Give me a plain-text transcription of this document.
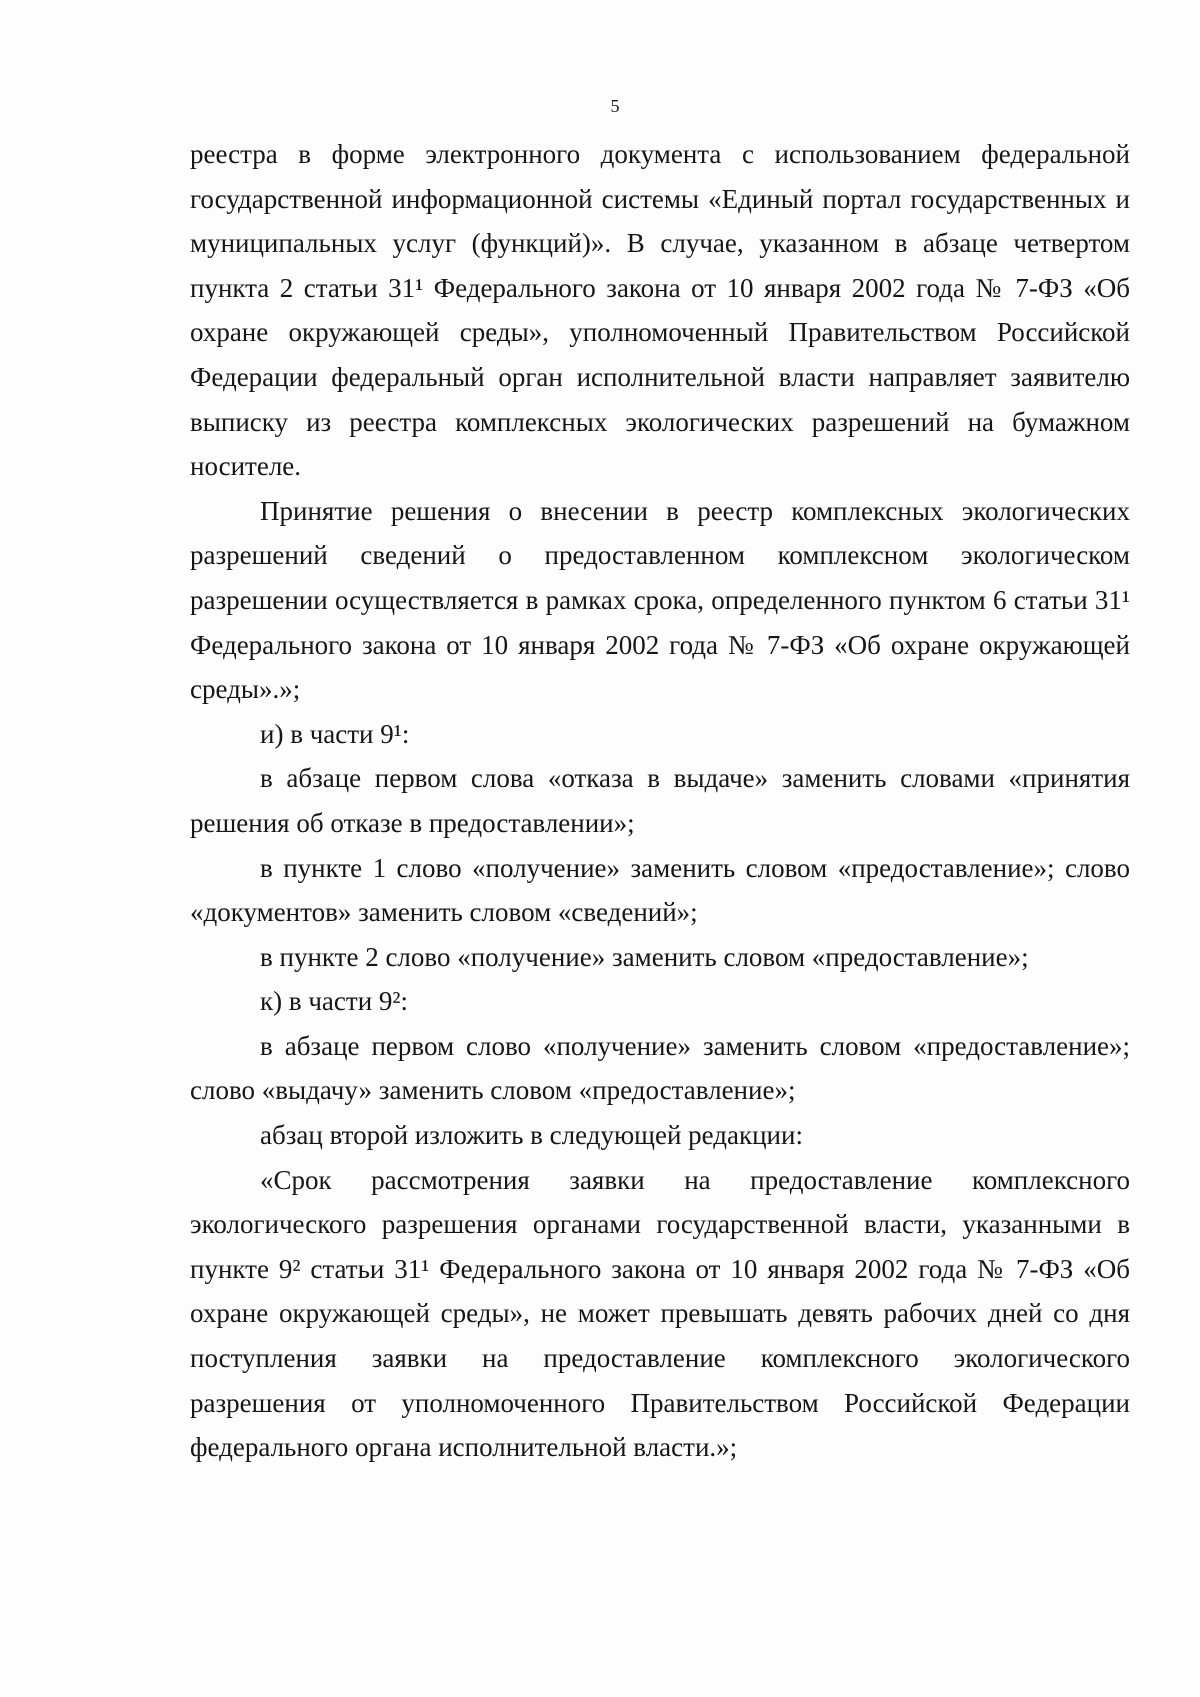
5

реестра в форме электронного документа с использованием федеральной государственной информационной системы «Единый портал государственных и муниципальных услуг (функций)». В случае, указанном в абзаце четвертом пункта 2 статьи 31¹ Федерального закона от 10 января 2002 года № 7-ФЗ «Об охране окружающей среды», уполномоченный Правительством Российской Федерации федеральный орган исполнительной власти направляет заявителю выписку из реестра комплексных экологических разрешений на бумажном носителе.

Принятие решения о внесении в реестр комплексных экологических разрешений сведений о предоставленном комплексном экологическом разрешении осуществляется в рамках срока, определенного пунктом 6 статьи 31¹ Федерального закона от 10 января 2002 года № 7-ФЗ «Об охране окружающей среды».»;

и) в части 9¹:

в абзаце первом слова «отказа в выдаче» заменить словами «принятия решения об отказе в предоставлении»;

в пункте 1 слово «получение» заменить словом «предоставление»; слово «документов» заменить словом «сведений»;

в пункте 2 слово «получение» заменить словом «предоставление»;

к) в части 9²:

в абзаце первом слово «получение» заменить словом «предоставление»; слово «выдачу» заменить словом «предоставление»;

абзац второй изложить в следующей редакции:

«Срок рассмотрения заявки на предоставление комплексного экологического разрешения органами государственной власти, указанными в пункте 9² статьи 31¹ Федерального закона от 10 января 2002 года № 7-ФЗ «Об охране окружающей среды», не может превышать девять рабочих дней со дня поступления заявки на предоставление комплексного экологического разрешения от уполномоченного Правительством Российской Федерации федерального органа исполнительной власти.»;
